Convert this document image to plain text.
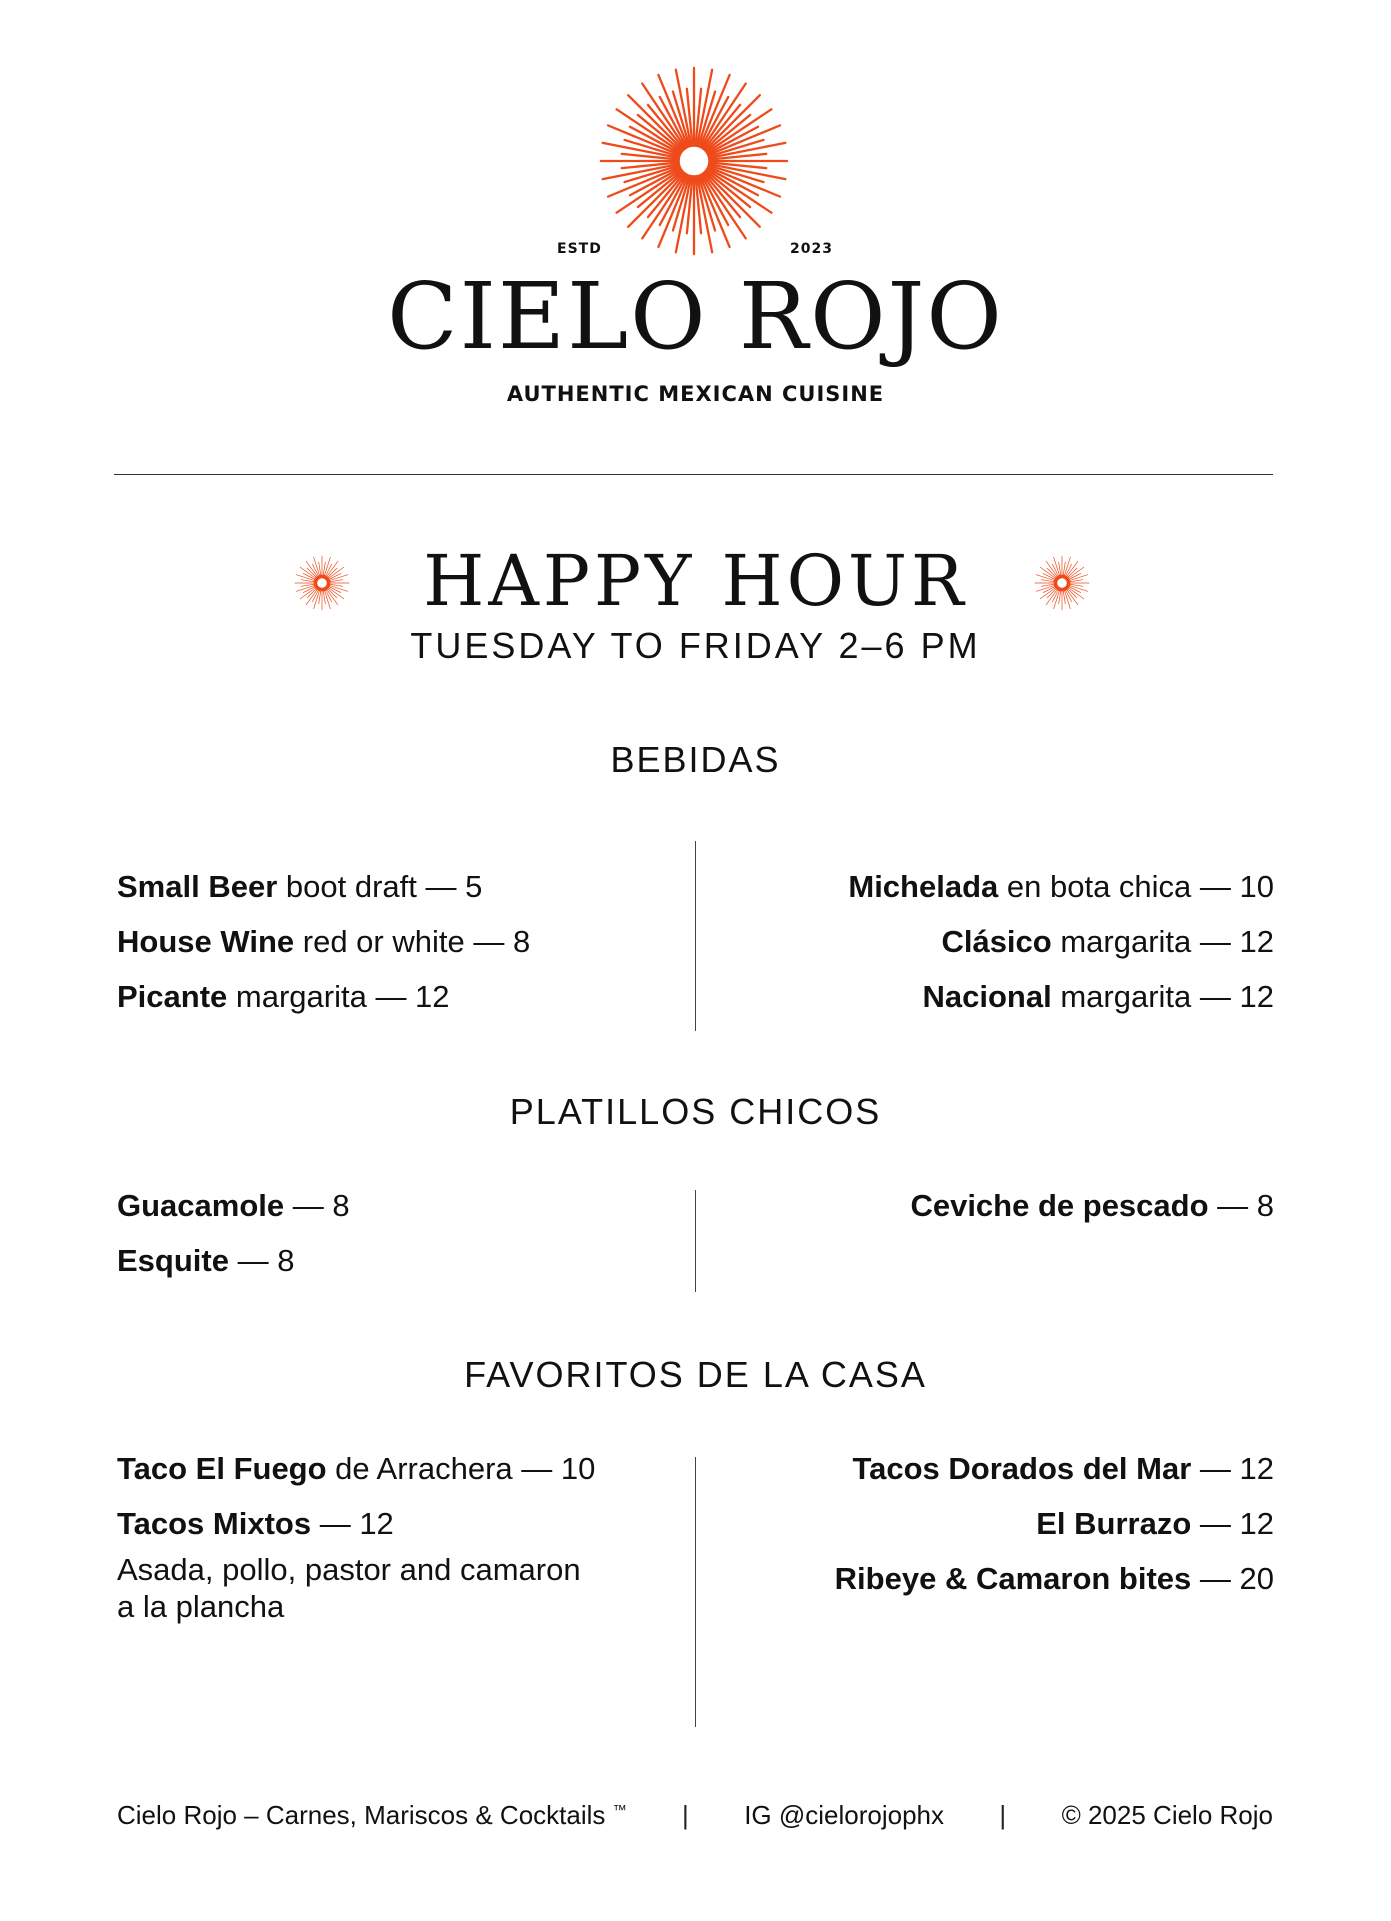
ESTD	2023
CIELO ROJO
AUTHENTIC MEXICAN CUISINE
HAPPY HOUR
TUESDAY TO FRIDAY 2–6 PM
BEBIDAS
Small Beer boot draft — 5
House Wine red or white — 8
Picante margarita — 12
Michelada en bota chica — 10
Clásico margarita — 12
Nacional margarita — 12
PLATILLOS CHICOS
Guacamole — 8
Esquite — 8
Ceviche de pescado — 8
FAVORITOS DE LA CASA
Taco El Fuego de Arrachera — 10
Tacos Mixtos — 12
Asada, pollo, pastor and camaron a la plancha
Tacos Dorados del Mar — 12
El Burrazo — 12
Ribeye & Camaron bites — 20
Cielo Rojo – Carnes, Mariscos & Cocktails ™ | IG @cielorojophx | © 2025 Cielo Rojo
